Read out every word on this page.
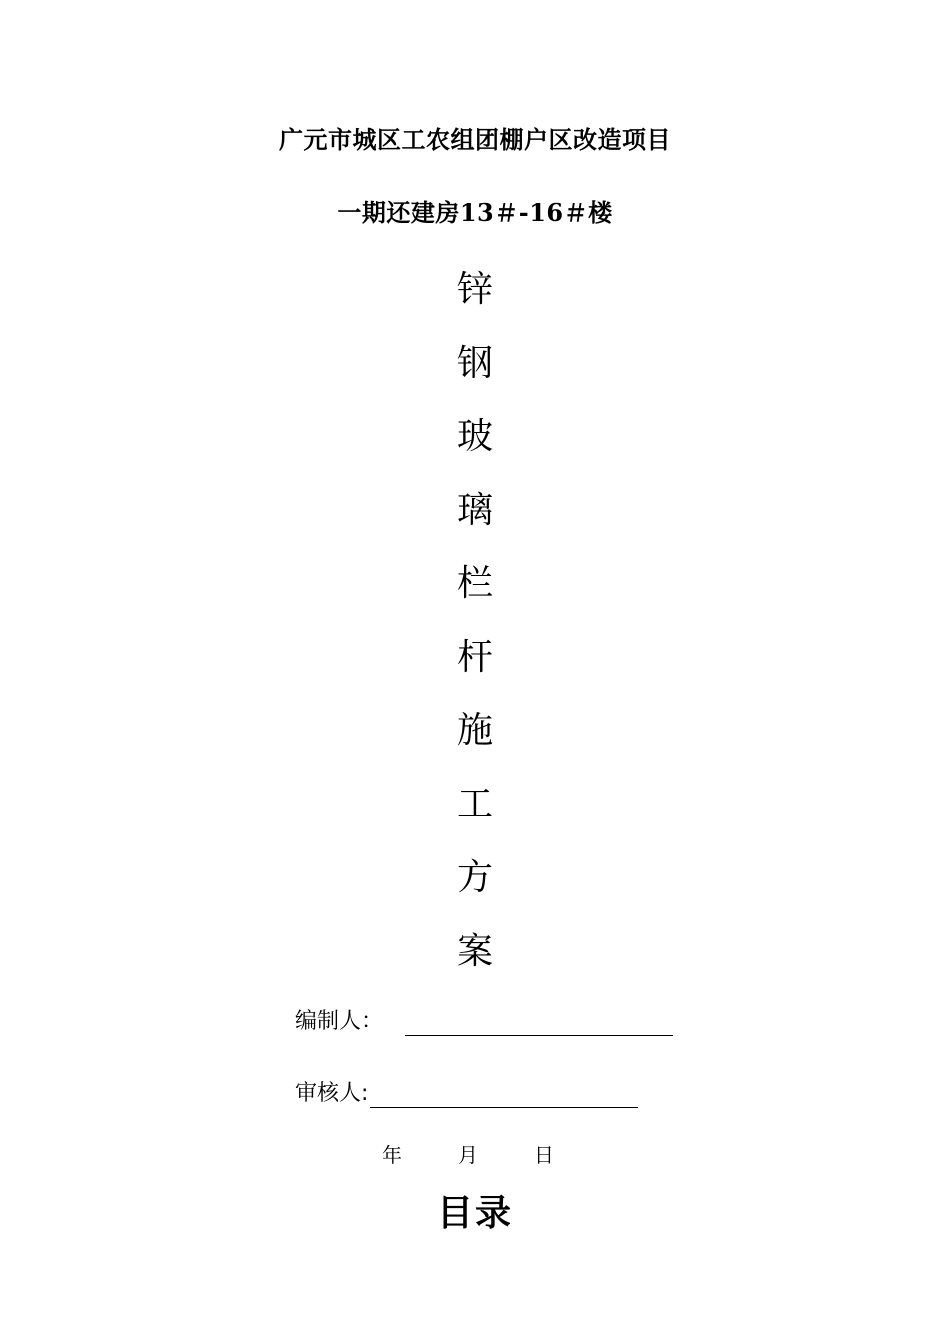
广元市城区工农组团棚户区改造项目
一期还建房13＃-16＃楼
锌
钢
玻
璃
栏
杆
施
工
方
案
编制人：
审核人:
年	月	日
目录
